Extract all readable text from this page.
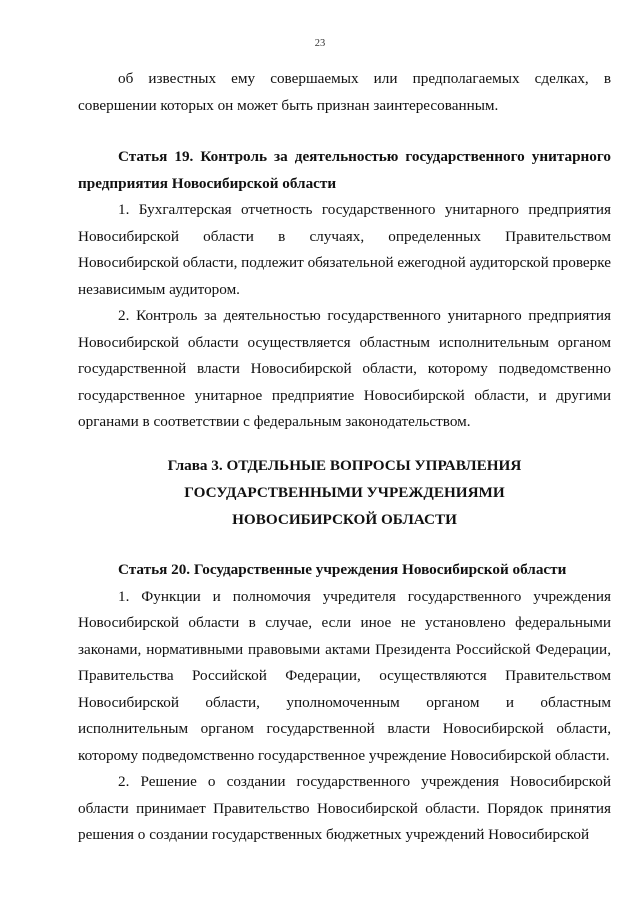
23

об известных ему совершаемых или предполагаемых сделках, в совершении которых он может быть признан заинтересованным.

Статья 19. Контроль за деятельностью государственного унитарного предприятия Новосибирской области

1. Бухгалтерская отчетность государственного унитарного предприятия Новосибирской области в случаях, определенных Правительством Новосибирской области, подлежит обязательной ежегодной аудиторской проверке независимым аудитором.

2. Контроль за деятельностью государственного унитарного предприятия Новосибирской области осуществляется областным исполнительным органом государственной власти Новосибирской области, которому подведомственно государственное унитарное предприятие Новосибирской области, и другими органами в соответствии с федеральным законодательством.

Глава 3. ОТДЕЛЬНЫЕ ВОПРОСЫ УПРАВЛЕНИЯ

ГОСУДАРСТВЕННЫМИ УЧРЕЖДЕНИЯМИ

НОВОСИБИРСКОЙ ОБЛАСТИ

Статья 20. Государственные учреждения Новосибирской области

1. Функции и полномочия учредителя государственного учреждения Новосибирской области в случае, если иное не установлено федеральными законами, нормативными правовыми актами Президента Российской Федерации, Правительства Российской Федерации, осуществляются Правительством Новосибирской области, уполномоченным органом и областным исполнительным органом государственной власти Новосибирской области, которому подведомственно государственное учреждение Новосибирской области.

2. Решение о создании государственного учреждения Новосибирской области принимает Правительство Новосибирской области. Порядок принятия решения о создании государственных бюджетных учреждений Новосибирской
